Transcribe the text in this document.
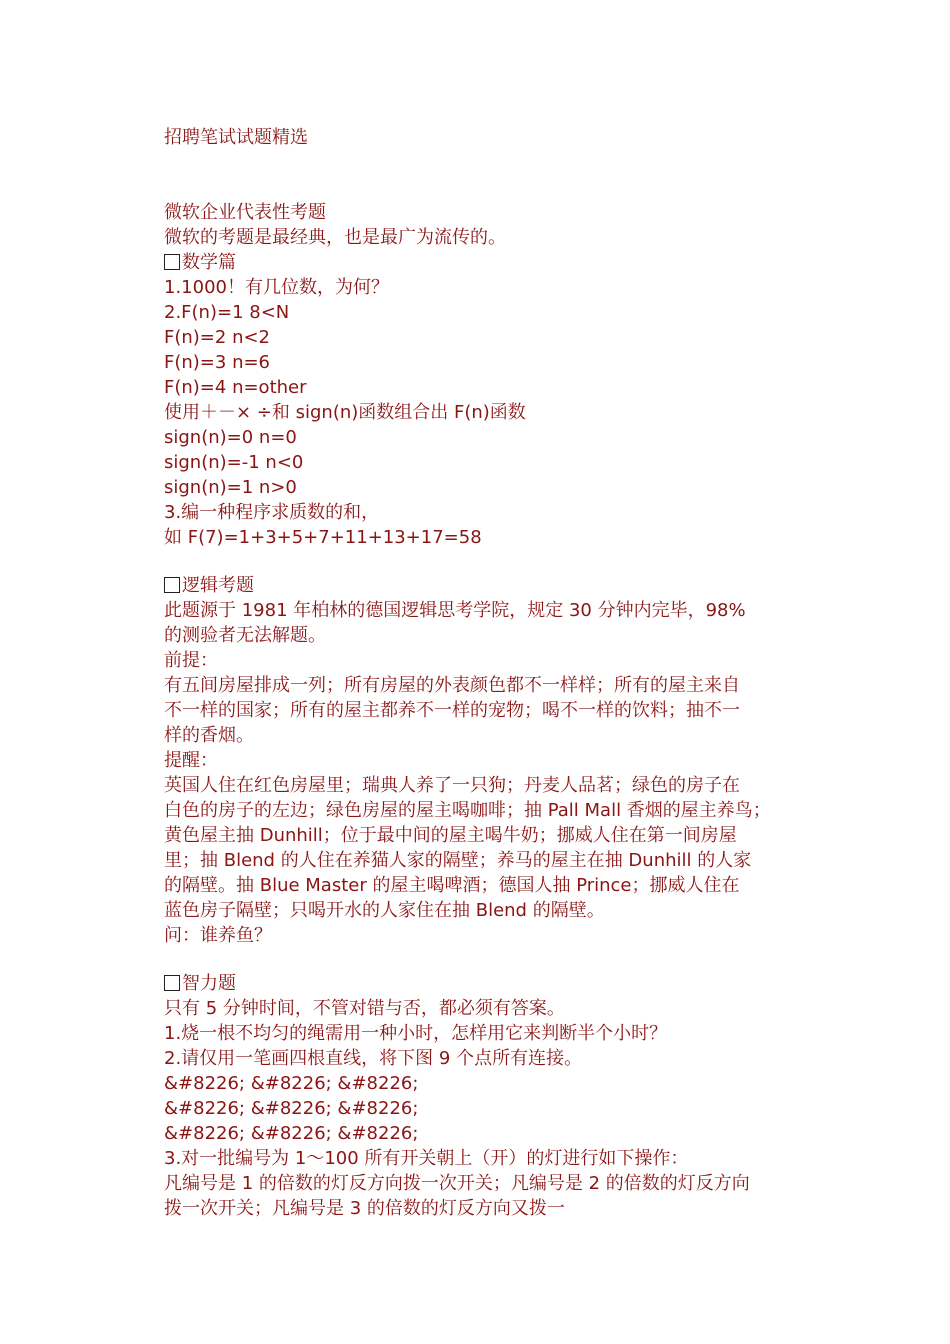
招聘笔试试题精选
微软企业代表性考题
微软的考题是最经典，也是最广为流传的。
数学篇
1.1000！有几位数，为何？
2.F(n)=1 8<N
F(n)=2 n<2
F(n)=3 n=6
F(n)=4 n=other
使用＋－× ÷和 sign(n)函数组合出 F(n)函数
sign(n)=0 n=0
sign(n)=-1 n<0
sign(n)=1 n>0
3.编一种程序求质数的和，
如 F(7)=1+3+5+7+11+13+17=58
逻辑考题
此题源于 1981 年柏林的德国逻辑思考学院，规定 30 分钟内完毕，98%
的测验者无法解题。
前提：
有五间房屋排成一列；所有房屋的外表颜色都不一样样；所有的屋主来自
不一样的国家；所有的屋主都养不一样的宠物；喝不一样的饮料；抽不一
样的香烟。
提醒：
英国人住在红色房屋里；瑞典人养了一只狗；丹麦人品茗；绿色的房子在
白色的房子的左边；绿色房屋的屋主喝咖啡；抽 Pall Mall 香烟的屋主养鸟；
黄色屋主抽 Dunhill；位于最中间的屋主喝牛奶；挪威人住在第一间房屋
里；抽 Blend 的人住在养猫人家的隔壁；养马的屋主在抽 Dunhill 的人家
的隔壁。抽 Blue Master 的屋主喝啤酒；德国人抽 Prince；挪威人住在
蓝色房子隔壁；只喝开水的人家住在抽 Blend 的隔壁。
问：谁养鱼？
智力题
只有 5 分钟时间，不管对错与否，都必须有答案。
1.烧一根不均匀的绳需用一种小时，怎样用它来判断半个小时？
2.请仅用一笔画四根直线，将下图 9 个点所有连接。
&#8226; &#8226; &#8226;
&#8226; &#8226; &#8226;
&#8226; &#8226; &#8226;
3.对一批编号为 1～100 所有开关朝上（开）的灯进行如下操作：
凡编号是 1 的倍数的灯反方向拨一次开关；凡编号是 2 的倍数的灯反方向
拨一次开关；凡编号是 3 的倍数的灯反方向又拨一
